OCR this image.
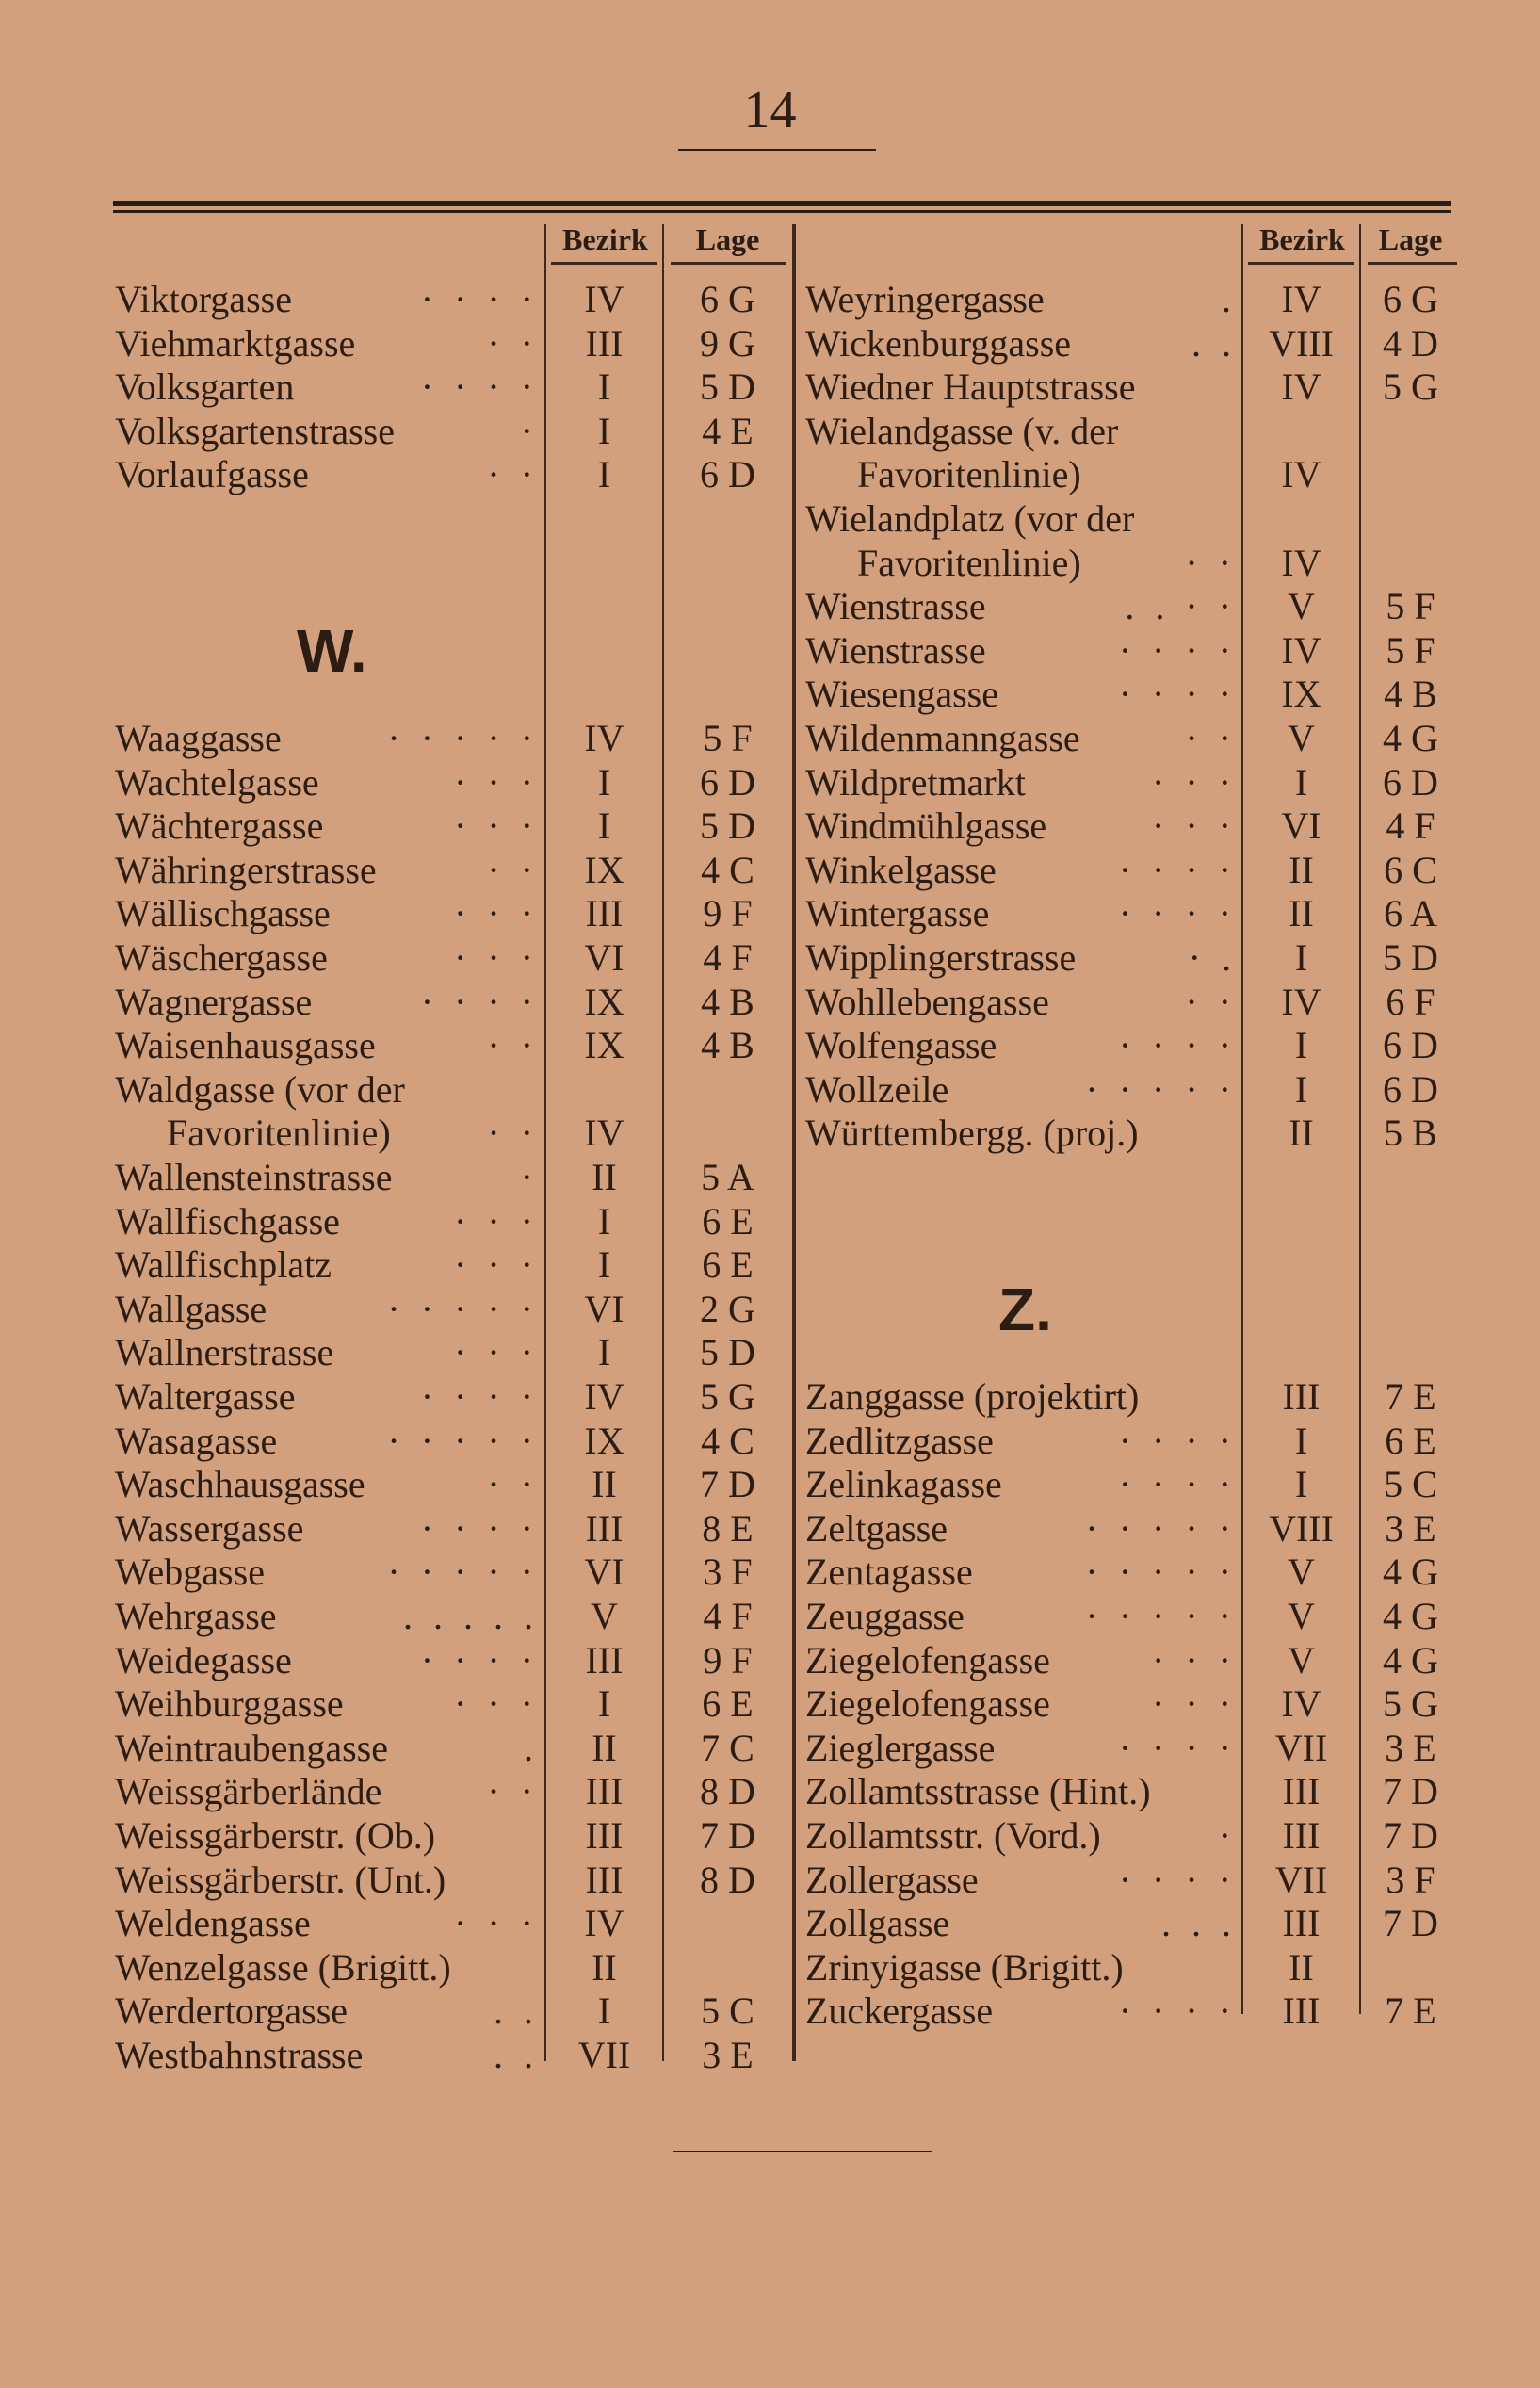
14
Bezirk	Lage	Bezirk	Lage
Viktorgasse	· · · ·	IV	6 G
Viehmarktgasse	· ·	III	9 G
Volksgarten	· · · ·	I	5 D
Volksgartenstrasse	·	I	4 E
Vorlaufgasse	· ·	I	6 D
W.
Waaggasse	· · · · ·	IV	5 F
Wachtelgasse	· · ·	I	6 D
Wächtergasse	· · ·	I	5 D
Währingerstrasse	· ·	IX	4 C
Wällischgasse	· · ·	III	9 F
Wäschergasse	· · ·	VI	4 F
Wagnergasse	· · · ·	IX	4 B
Waisenhausgasse	· ·	IX	4 B
Waldgasse (vor der
Favoritenlinie)	· ·	IV
Wallensteinstrasse	·	II	5 A
Wallfischgasse	· · ·	I	6 E
Wallfischplatz	· · ·	I	6 E
Wallgasse	· · · · ·	VI	2 G
Wallnerstrasse	· · ·	I	5 D
Waltergasse	· · · ·	IV	5 G
Wasagasse	· · · · ·	IX	4 C
Waschhausgasse	· ·	II	7 D
Wassergasse	· · · ·	III	8 E
Webgasse	· · · · ·	VI	3 F
Wehrgasse	. . . . .	V	4 F
Weidegasse	· · · ·	III	9 F
Weihburggasse	· · ·	I	6 E
Weintraubengasse	.	II	7 C
Weissgärberlände	· ·	III	8 D
Weissgärberstr. (Ob.)	III	7 D
Weissgärberstr. (Unt.)	III	8 D
Weldengasse	· · ·	IV
Wenzelgasse (Brigitt.)	II
Werdertorgasse	. .	I	5 C
Westbahnstrasse	. .	VII	3 E
Weyringergasse	.	IV	6 G
Wickenburggasse	. . VIII	4 D
Wiedner Hauptstrasse	IV	5 G
Wielandgasse (v. der
Favoritenlinie)	IV
Wielandplatz (vor der
Favoritenlinie)	· ·	IV
Wienstrasse	. . · ·	V	5 F
Wienstrasse	· · · ·	IV	5 F
Wiesengasse	· · · ·	IX	4 B
Wildenmanngasse	· ·	V	4 G
Wildpretmarkt	· · ·	I	6 D
Windmühlgasse	· · ·	VI	4 F
Winkelgasse	· · · ·	II	6 C
Wintergasse	· · · ·	II	6 A
Wipplingerstrasse	· .	I	5 D
Wohllebengasse	· ·	IV	6 F
Wolfengasse	· · · ·	I	6 D
Wollzeile	· · · · ·	I	6 D
Württembergg. (proj.)	II	5 B
Z.
Zanggasse (projektirt)	III	7 E
Zedlitzgasse	· · · ·	I	6 E
Zelinkagasse	· · · ·	I	5 C
Zeltgasse	· · · · · VIII	3 E
Zentagasse	· · · · ·	V	4 G
Zeuggasse	· · · · ·	V	4 G
Ziegelofengasse	· · ·	V	4 G
Ziegelofengasse	· · ·	IV	5 G
Zieglergasse	· · · ·	VII	3 E
Zollamtsstrasse (Hint.)	III	7 D
Zollamtsstr. (Vord.)	·	III	7 D
Zollergasse	· · · ·	VII	3 F
Zollgasse	. . .	III	7 D
Zrinyigasse (Brigitt.)	II
Zuckergasse	· · · ·	III	7 E
